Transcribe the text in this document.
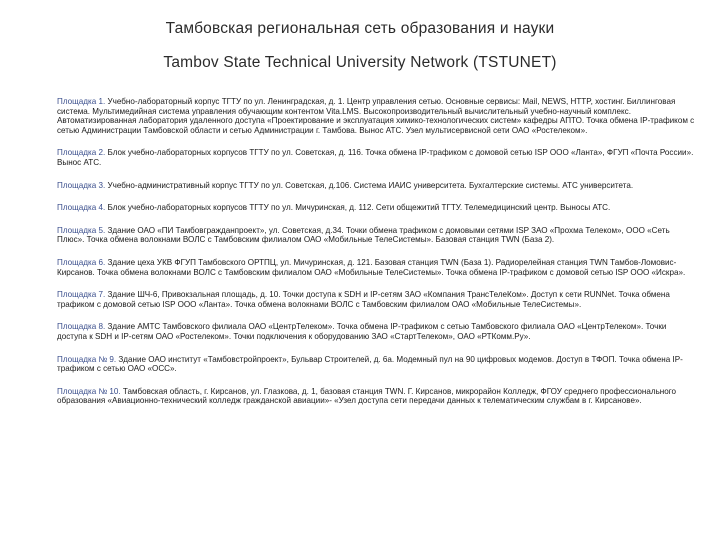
Тамбовская региональная сеть образования и науки
Tambov State Technical University Network (TSTUNET)

Площадка 1. Учебно-лабораторный корпус ТГТУ по ул. Ленинградская, д. 1. Центр управления сетью. Основные сервисы: Mail, NEWS, HTTP, хостинг. Биллинговая система. Мультимедийная система управления обучающим контентом Vita.LMS. Высокопроизводительный вычислительный учебно-научный комплекс. Автоматизированная лаборатория удаленного доступа «Проектирование и эксплуатация химико-технологических систем» кафедры АПТО. Точка обмена IP-трафиком с сетью Администрации Тамбовской области и сетью Администрации г. Тамбова. Вынос АТС. Узел мультисервисной сети ОАО «Ростелеком».

Площадка 2. Блок учебно-лабораторных корпусов ТГТУ по ул. Советская, д. 116. Точка обмена IP-трафиком с домовой сетью ISP ООО «Ланта», ФГУП «Почта России». Вынос АТС.

Площадка 3. Учебно-административный корпус ТГТУ по ул. Советская, д.106. Система ИАИС университета. Бухгалтерские системы. АТС университета.

Площадка 4. Блок учебно-лабораторных корпусов ТГТУ по ул. Мичуринская, д. 112. Сети общежитий ТГТУ. Телемедицинский центр. Выносы АТС.

Площадка 5. Здание ОАО «ПИ Тамбовгражданпроект», ул. Советская, д.34. Точки обмена трафиком с домовыми сетями ISP ЗАО «Прохма Телеком», ООО «Сеть Плюс». Точка обмена волокнами ВОЛС с Тамбовским филиалом ОАО «Мобильные ТелеСистемы». Базовая станция TWN (База 2).

Площадка 6. Здание цеха УКВ ФГУП Тамбовского ОРТПЦ, ул. Мичуринская, д. 121. Базовая станция TWN (База 1). Радиорелейная станция TWN Тамбов-Ломовис-Кирсанов. Точка обмена волокнами ВОЛС с Тамбовским филиалом ОАО «Мобильные ТелеСистемы». Точка обмена IP-трафиком с домовой сетью ISP ООО «Искра».

Площадка 7. Здание ШЧ-6, Привокзальная площадь, д. 10. Точки доступа к SDH и IP-сетям ЗАО «Компания ТрансТелеКом». Доступ к сети RUNNet. Точка обмена трафиком с домовой сетью ISP ООО «Ланта». Точка обмена волокнами ВОЛС с Тамбовским филиалом ОАО «Мобильные ТелеСистемы».

Площадка 8. Здание АМТС Тамбовского филиала ОАО «ЦентрТелеком». Точка обмена IP-трафиком с сетью Тамбовского филиала ОАО «ЦентрТелеком». Точки доступа к SDH и IP-сетям ОАО «Ростелеком». Точки подключения к оборудованию ЗАО «СтартТелеком», ОАО «РТКомм.Ру».

Площадка № 9. Здание ОАО институт «Тамбовстройпроект», Бульвар Строителей, д. 6а. Модемный пул на 90 цифровых модемов. Доступ в ТФОП. Точка обмена IP-трафиком с сетью ОАО «ОСС».

Площадка № 10. Тамбовская область, г. Кирсанов, ул. Глазкова, д. 1, базовая станция TWN. Г. Кирсанов, микрорайон Колледж, ФГОУ среднего профессионального образования «Авиационно-технический колледж гражданской авиации»- «Узел доступа сети передачи данных к телематическим службам в г. Кирсанове».
